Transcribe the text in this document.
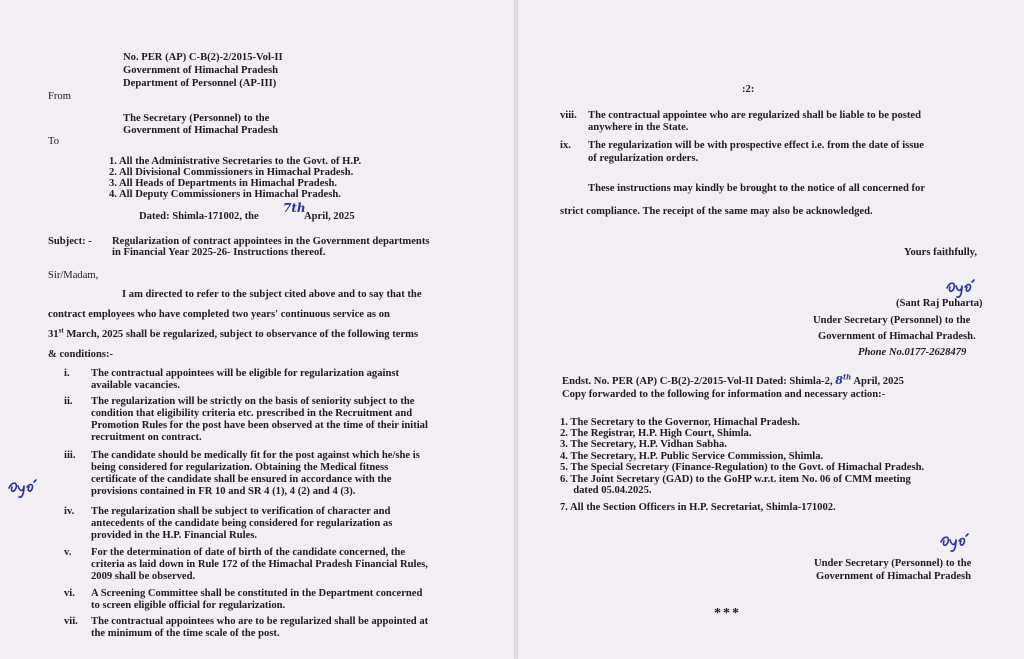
No. PER (AP) C-B(2)-2/2015-Vol-II
Government of Himachal Pradesh
Department of Personnel (AP-III)
From
The Secretary (Personnel) to the
Government of Himachal Pradesh
To
1. All the Administrative Secretaries to the Govt. of H.P.
2. All Divisional Commissioners in Himachal Pradesh.
3. All Heads of Departments in Himachal Pradesh.
4. All Deputy Commissioners in Himachal Pradesh.
Dated: Shimla-171002, the
7th
April, 2025
Subject: - Regularization of contract appointees in the Government departments
in Financial Year 2025-26- Instructions thereof.
Sir/Madam,
I am directed to refer to the subject cited above and to say that the
contract employees who have completed two years' continuous service as on
31st March, 2025 shall be regularized, subject to observance of the following terms
& conditions:-
i. The contractual appointees will be eligible for regularization against
available vacancies.
ii. The regularization will be strictly on the basis of seniority subject to the
condition that eligibility criteria etc. prescribed in the Recruitment and
Promotion Rules for the post have been observed at the time of their initial
recruitment on contract.
iii. The candidate should be medically fit for the post against which he/she is
being considered for regularization. Obtaining the Medical fitness
certificate of the candidate shall be ensured in accordance with the
provisions contained in FR 10 and SR 4 (1), 4 (2) and 4 (3).
iv. The regularization shall be subject to verification of character and
antecedents of the candidate being considered for regularization as
provided in the H.P. Financial Rules.
v. For the determination of date of birth of the candidate concerned, the
criteria as laid down in Rule 172 of the Himachal Pradesh Financial Rules,
2009 shall be observed.
vi. A Screening Committee shall be constituted in the Department concerned
to screen eligible official for regularization.
vii. The contractual appointees who are to be regularized shall be appointed at
the minimum of the time scale of the post.
:2:
viii. The contractual appointee who are regularized shall be liable to be posted
anywhere in the State.
ix. The regularization will be with prospective effect i.e. from the date of issue
of regularization orders.
These instructions may kindly be brought to the notice of all concerned for
strict compliance. The receipt of the same may also be acknowledged.
Yours faithfully,
(Sant Raj Puharta)
Under Secretary (Personnel) to the
Government of Himachal Pradesh.
Phone No.0177-2628479
Endst. No. PER (AP) C-B(2)-2/2015-Vol-II Dated: Shimla-2, 8th April, 2025
Copy forwarded to the following for information and necessary action:-
1. The Secretary to the Governor, Himachal Pradesh.
2. The Registrar, H.P. High Court, Shimla.
3. The Secretary, H.P. Vidhan Sabha.
4. The Secretary, H.P. Public Service Commission, Shimla.
5. The Special Secretary (Finance-Regulation) to the Govt. of Himachal Pradesh.
6. The Joint Secretary (GAD) to the GoHP w.r.t. item No. 06 of CMM meeting
dated 05.04.2025.
7. All the Section Officers in H.P. Secretariat, Shimla-171002.
Under Secretary (Personnel) to the
Government of Himachal Pradesh
***
